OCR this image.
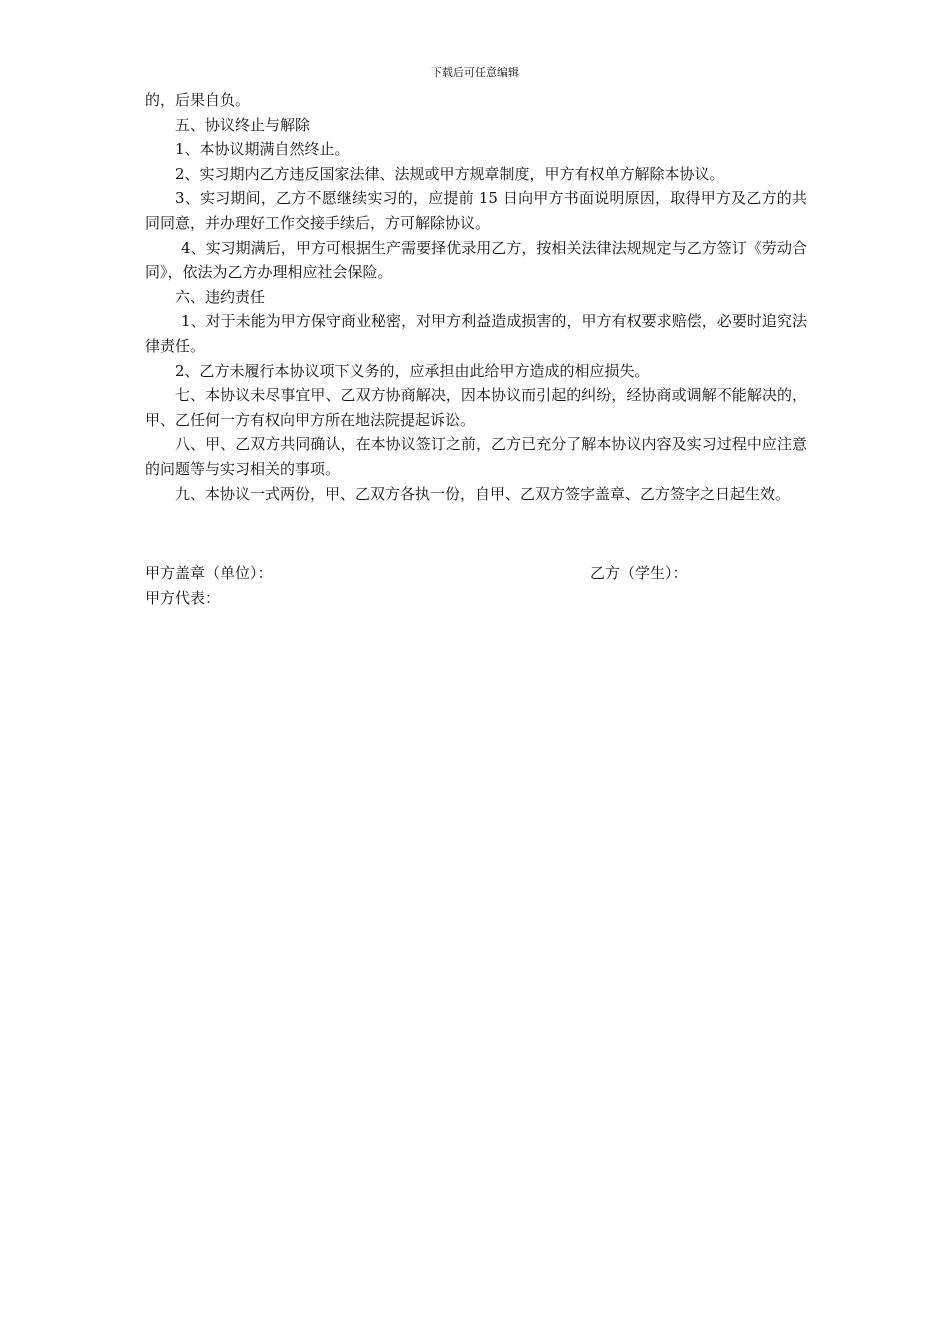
下载后可任意编辑

的，后果自负。

五、协议终止与解除

1、本协议期满自然终止。

2、实习期内乙方违反国家法律、法规或甲方规章制度，甲方有权单方解除本协议。

3、实习期间，乙方不愿继续实习的，应提前 15 日向甲方书面说明原因，取得甲方及乙方的共同同意，并办理好工作交接手续后，方可解除协议。

4、实习期满后，甲方可根据生产需要择优录用乙方，按相关法律法规规定与乙方签订《劳动合同》，依法为乙方办理相应社会保险。

六、违约责任

1、对于未能为甲方保守商业秘密，对甲方利益造成损害的，甲方有权要求赔偿，必要时追究法律责任。

2、乙方未履行本协议项下义务的，应承担由此给甲方造成的相应损失。

七、本协议未尽事宜甲、乙双方协商解决，因本协议而引起的纠纷，经协商或调解不能解决的，甲、乙任何一方有权向甲方所在地法院提起诉讼。

八、甲、乙双方共同确认，在本协议签订之前，乙方已充分了解本协议内容及实习过程中应注意的问题等与实习相关的事项。

九、本协议一式两份，甲、乙双方各执一份，自甲、乙双方签字盖章、乙方签字之日起生效。

甲方盖章（单位）：	乙方（学生）：
甲方代表：
